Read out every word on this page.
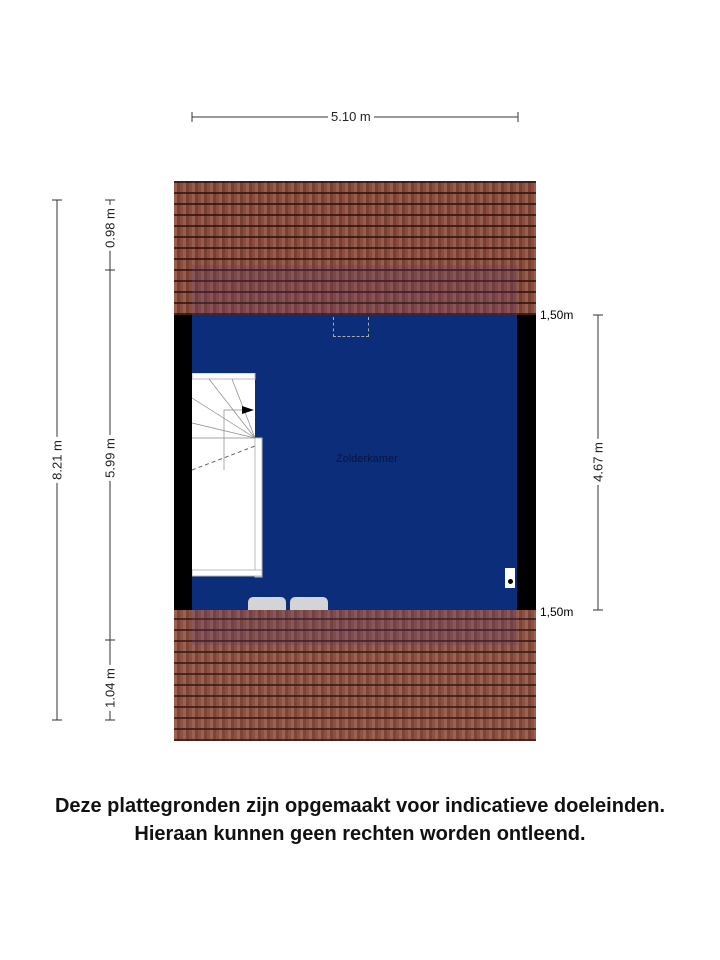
5.10 m
8.21 m
0.98 m
5.99 m
1.04 m
4.67 m
1,50m
1,50m
Zolderkamer
Deze plattegronden zijn opgemaakt voor indicatieve doeleinden.
Hieraan kunnen geen rechten worden ontleend.
